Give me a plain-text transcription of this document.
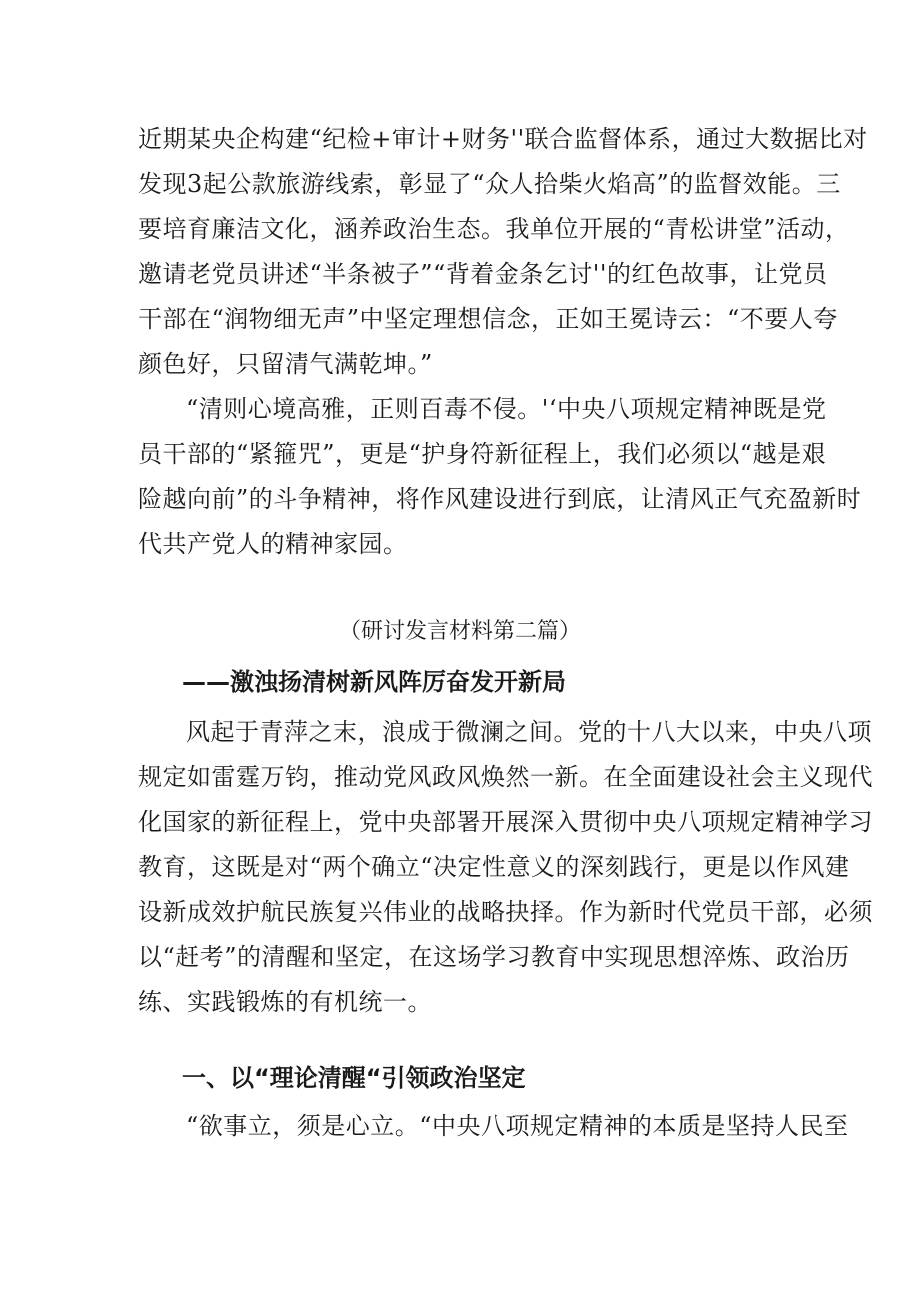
近期某央企构建“纪检+审计+财务''联合监督体系，通过大数据比对
发现3起公款旅游线索，彰显了“众人拾柴火焰高”的监督效能。三
要培育廉洁文化，涵养政治生态。我单位开展的“青松讲堂”活动，
邀请老党员讲述“半条被子”“背着金条乞讨''的红色故事，让党员
干部在“润物细无声”中坚定理想信念，正如王冕诗云：“不要人夸
颜色好，只留清气满乾坤。”
“清则心境高雅，正则百毒不侵。'‘中央八项规定精神既是党
员干部的“紧箍咒”，更是“护身符新征程上，我们必须以“越是艰
险越向前”的斗争精神，将作风建设进行到底，让清风正气充盈新时
代共产党人的精神家园。
（研讨发言材料第二篇）
——激浊扬清树新风阵厉奋发开新局
风起于青萍之末，浪成于微澜之间。党的十八大以来，中央八项
规定如雷霆万钧，推动党风政风焕然一新。在全面建设社会主义现代
化国家的新征程上，党中央部署开展深入贯彻中央八项规定精神学习
教育，这既是对“两个确立“决定性意义的深刻践行，更是以作风建
设新成效护航民族复兴伟业的战略抉择。作为新时代党员干部，必须
以“赶考”的清醒和坚定，在这场学习教育中实现思想淬炼、政治历
练、实践锻炼的有机统一。
一、以“理论清醒“引领政治坚定
“欲事立，须是心立。“中央八项规定精神的本质是坚持人民至
